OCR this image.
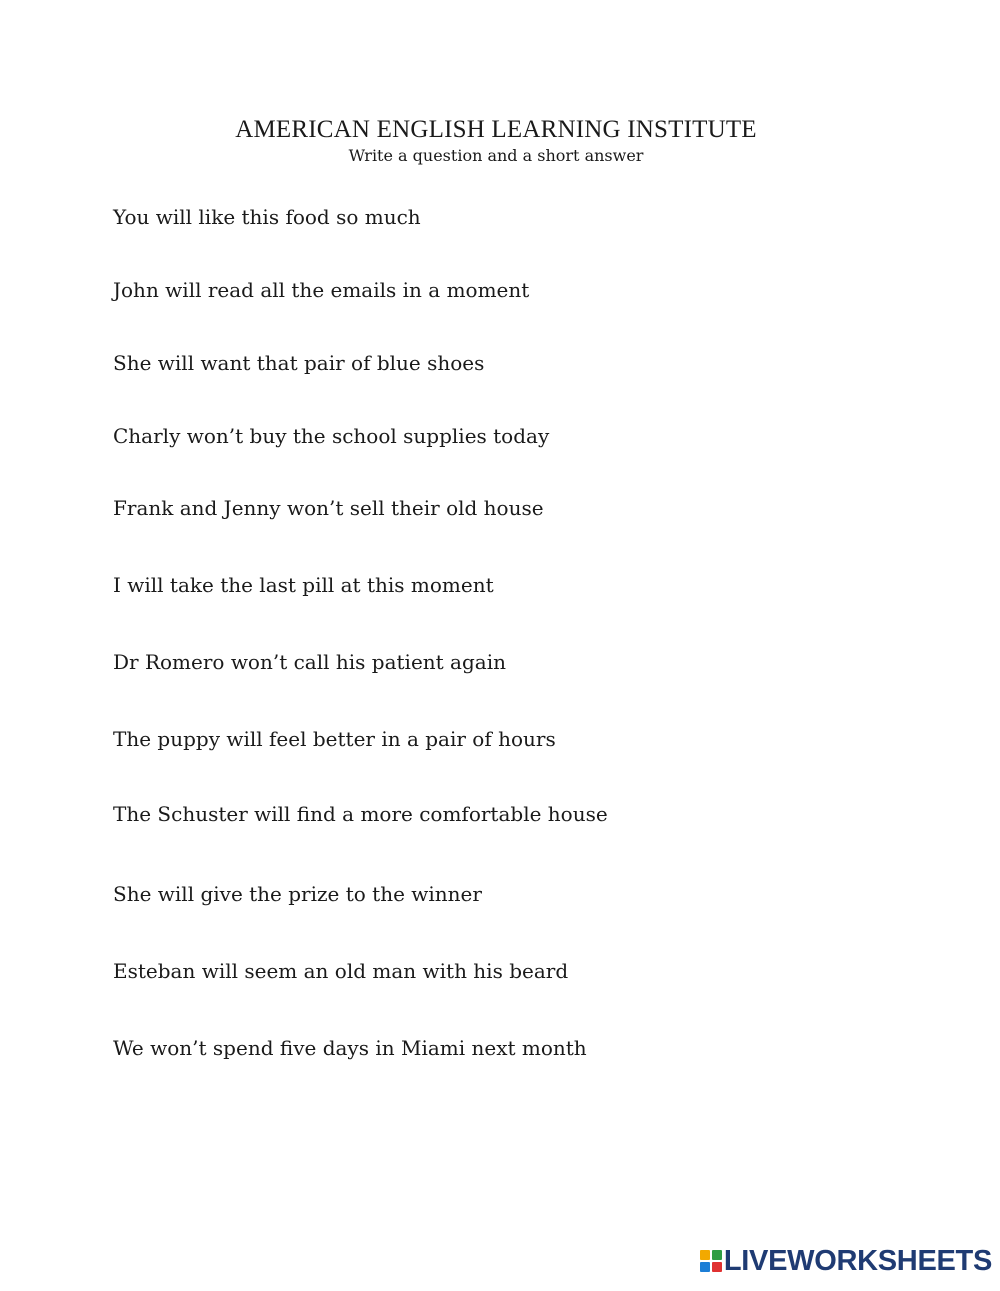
AMERICAN ENGLISH LEARNING INSTITUTE
Write a question and a short answer
You will like this food so much
John will read all the emails in a moment
She will want that pair of blue shoes
Charly won’t buy the school supplies today
Frank and Jenny won’t sell their old house
I will take the last pill at this moment
Dr Romero won’t call his patient again
The puppy will feel better in a pair of hours
The Schuster will find a more comfortable house
She will give the prize to the winner
Esteban will seem an old man with his beard
We won’t spend five days in Miami next month
LIVEWORKSHEETS
